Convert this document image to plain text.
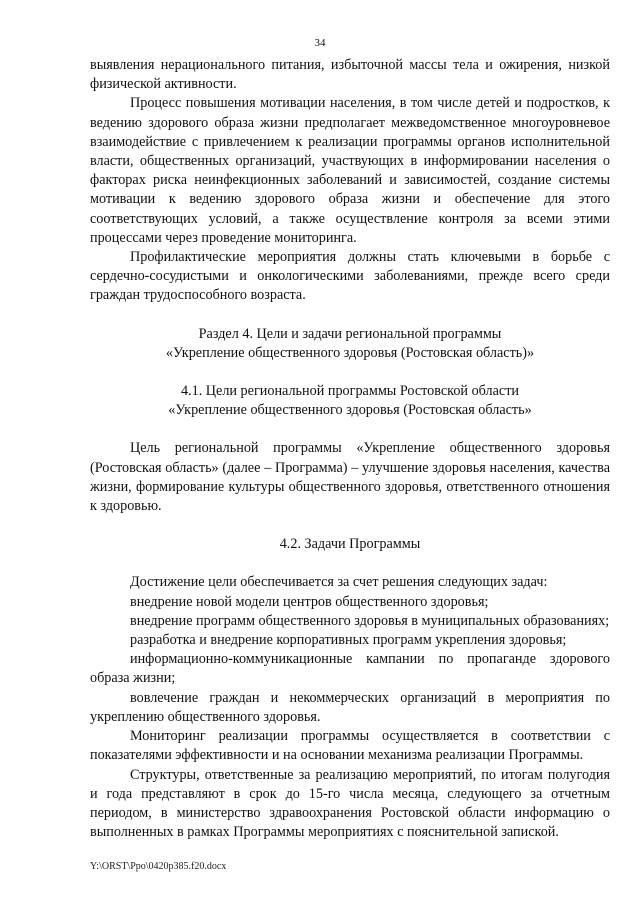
34

выявления нерационального питания, избыточной массы тела и ожирения, низкой физической активности.

Процесс повышения мотивации населения, в том числе детей и подростков, к ведению здорового образа жизни предполагает межведомственное многоуровневое взаимодействие с привлечением к реализации программы органов исполнительной власти, общественных организаций, участвующих в информировании населения о факторах риска неинфекционных заболеваний и зависимостей, создание системы мотивации к ведению здорового образа жизни и обеспечение для этого соответствующих условий, а также осуществление контроля за всеми этими процессами через проведение мониторинга.

Профилактические мероприятия должны стать ключевыми в борьбе с сердечно-сосудистыми и онкологическими заболеваниями, прежде всего среди граждан трудоспособного возраста.

Раздел 4. Цели и задачи региональной программы

«Укрепление общественного здоровья (Ростовская область)»

4.1. Цели региональной программы Ростовской области

«Укрепление общественного здоровья (Ростовская область»

Цель региональной программы «Укрепление общественного здоровья (Ростовская область» (далее – Программа) – улучшение здоровья населения, качества жизни, формирование культуры общественного здоровья, ответственного отношения к здоровью.

4.2. Задачи Программы

Достижение цели обеспечивается за счет решения следующих задач:

внедрение новой модели центров общественного здоровья;

внедрение программ общественного здоровья в муниципальных образованиях;

разработка и внедрение корпоративных программ укрепления здоровья;

информационно-коммуникационные кампании по пропаганде здорового образа жизни;

вовлечение граждан и некоммерческих организаций в мероприятия по укреплению общественного здоровья.

Мониторинг реализации программы осуществляется в соответствии с показателями эффективности и на основании механизма реализации Программы.

Структуры, ответственные за реализацию мероприятий, по итогам полугодия и года представляют в срок до 15-го числа месяца, следующего за отчетным периодом, в министерство здравоохранения Ростовской области информацию о выполненных в рамках Программы мероприятиях с пояснительной запиской.

Y:\ORST\Ppo\0420p385.f20.docx
